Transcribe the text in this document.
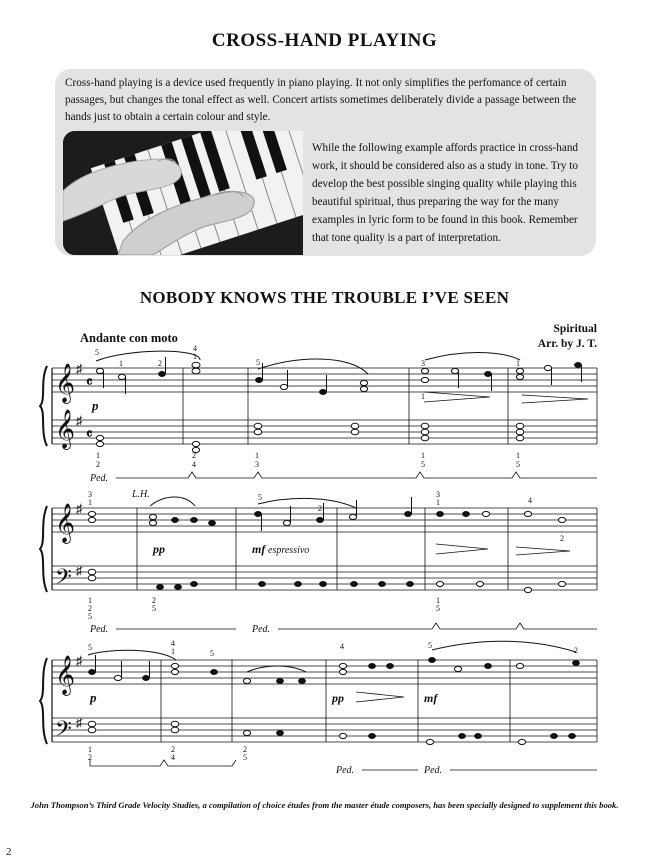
CROSS-HAND PLAYING
Cross-hand playing is a device used frequently in piano playing. It not only simplifies the perfomance of certain passages, but changes the tonal effect as well. Concert artists sometimes deliberately divide a passage between the hands just to obtain a certain colour and style.
While the following example affords practice in cross-hand work, it should be considered also as a study in tone. Try to develop the best possible singing quality while playing this beautiful spiritual, thus preparing the way for the many examples in lyric form to be found in this book. Remember that tone quality is a part of interpretation.
NOBODY KNOWS THE TROUBLE I’VE SEEN
Andante con moto
Spiritual
Arr. by J. T.
𝄞
𝄞
𝄞
𝄢
𝄞
𝄢
♯
♯
♯
♯
♯
♯
𝄴
𝄴
5
1	2
4
1
5	3
1
1
1
2
2
4
1
3
1
5
1
5
3
1
5
2
1
3
4
2
1
2
5
2
5
1
5
5	4
1	5
4	5
2
1
2
2
4
2
5
p
pp	mf espressivo
p	pp	mf
L.H.
Ped.
Ped.	Ped.
Ped.	Ped.
John Thompson’s Third Grade Velocity Studies, a compilation of choice études from the master étude composers, has been specially designed to supplement this book.
2
